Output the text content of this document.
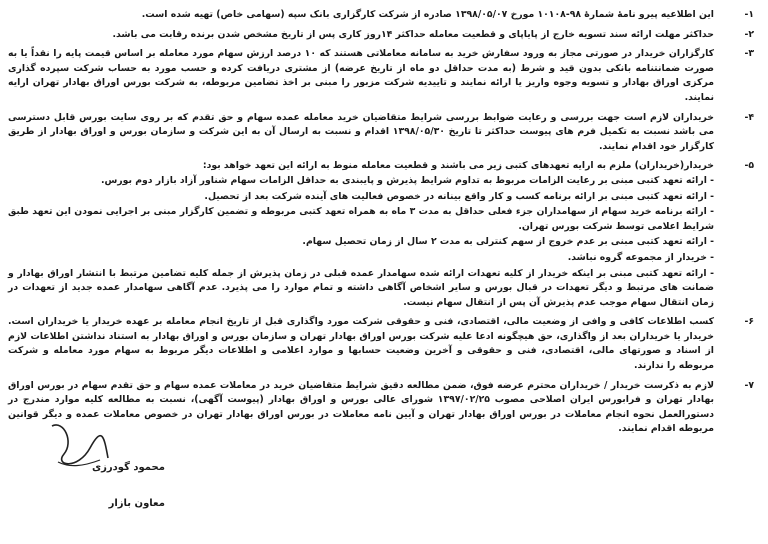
۱-
این اطلاعیه پیرو نامهٔ شمارهٔ ۹۸-۱۰۱۰۸ مورخ ۱۳۹۸/۰۵/۰۷ صادره از شرکت کارگزاری بانک سپه (سهامی خاص) تهیه شده است.
۲-
حداکثر مهلت ارائه سند تسویه خارج از پایاپای و قطعیت معامله حداکثر ۱۴روز کاری پس از تاریخ مشخص شدن برنده رقابت می باشد.
۳-
کارگزاران خریدار در صورتی مجاز به ورود سفارش خرید به سامانه معاملاتی هستند که ۱۰ درصد ارزش سهام مورد معامله بر اساس قیمت پایه را نقداً یا به صورت ضمانتنامه بانکی بدون قید و شرط (به مدت حداقل دو ماه از تاریخ عرضه) از مشتری دریافت کرده و حسب مورد به حساب شرکت سپرده گذاری مرکزی اوراق بهادار و تسویه وجوه واریز یا ارائه نمایند و تاییدیه شرکت مزبور را مبنی بر اخذ تضامین مربوطه، به شرکت بورس اوراق بهادار تهران ارایه نمایند.
۴-
خریداران لازم است جهت بررسی و رعایت ضوابط بررسی شرایط متقاضیان خرید معامله عمده سهام و حق تقدم که بر روی سایت بورس قابل دسترسی می باشد نسبت به تکمیل فرم های پیوست حداکثر تا تاریخ ۱۳۹۸/۰۵/۳۰ اقدام و نسبت به ارسال آن به این شرکت و سازمان بورس و اوراق بهادار از طریق کارگزار خود اقدام نمایند.
۵-
خریدار(خریداران) ملزم به ارایه تعهدهای کتبی زیر می باشند و قطعیت معامله منوط به ارائه این تعهد خواهد بود:

- ارائه تعهد کتبی مبنی بر رعایت الزامات مربوط به تداوم شرایط پذیرش و پایبندی به حداقل الزامات سهام شناور آزاد بازار دوم بورس.

- ارائه تعهد کتبی مبنی بر ارائه برنامه کسب و کار واقع بینانه در خصوص فعالیت های آینده شرکت بعد از تحصیل.

- ارائه برنامه خرید سهام از سهامداران جزء فعلی حداقل به مدت ۳ ماه به همراه تعهد کتبی مربوطه و تضمین کارگزار مبنی بر اجرایی نمودن این تعهد طبق شرایط اعلامی توسط شرکت بورس تهران.

- ارائه تعهد کتبی مبنی بر عدم خروج از سهم کنترلی به مدت ۲ سال از زمان تحصیل سهام.

- خریدار از مجموعه گروه نباشد.

- ارائه تعهد کتبی مبنی بر اینکه خریدار از کلیه تعهدات ارائه شده سهامدار عمده قبلی در زمان پذیرش از جمله کلیه تضامین مرتبط با انتشار اوراق بهادار و ضمانت های مرتبط و دیگر تعهدات در قبال بورس و سایر اشخاص آگاهی داشته و تمام موارد را می پذیرد. عدم آگاهی سهامدار عمده جدید از تعهدات در زمان انتقال سهام موجب عدم پذیرش آن پس از انتقال سهام نیست.

۶-
کسب اطلاعات کافی و وافی از وضعیت مالی، اقتصادی، فنی و حقوقی شرکت مورد واگذاری قبل از تاریخ انجام معامله بر عهده خریدار یا خریداران است. خریدار یا خریداران بعد از واگذاری، حق هیچگونه ادعا علیه شرکت بورس اوراق بهادار تهران و سازمان بورس و اوراق بهادار به استناد نداشتن اطلاعات لازم از اسناد و صورتهای مالی، اقتصادی، فنی و حقوقی و آخرین وضعیت حسابها و موارد اعلامی و اطلاعات دیگر مربوط به سهام مورد معامله و شرکت مربوطه را ندارند.
۷-
لازم به ذکرست خریدار / خریداران محترم عرضه فوق، ضمن مطالعه دقیق شرایط متقاضیان خرید در معاملات عمده سهام و حق تقدم سهام در بورس اوراق بهادار تهران و فرابورس ایران اصلاحی مصوب ۱۳۹۷/۰۲/۲۵ شورای عالی بورس و اوراق بهادار (پیوست آگهی)، نسبت به مطالعه کلیه موارد مندرج در دستورالعمل نحوه انجام معاملات در بورس اوراق بهادار تهران و آیین نامه معاملات در بورس اوراق بهادار تهران در خصوص معاملات عمده و دیگر قوانین مربوطه اقدام نمایند.
محمود گودرزی
معاون بازار
